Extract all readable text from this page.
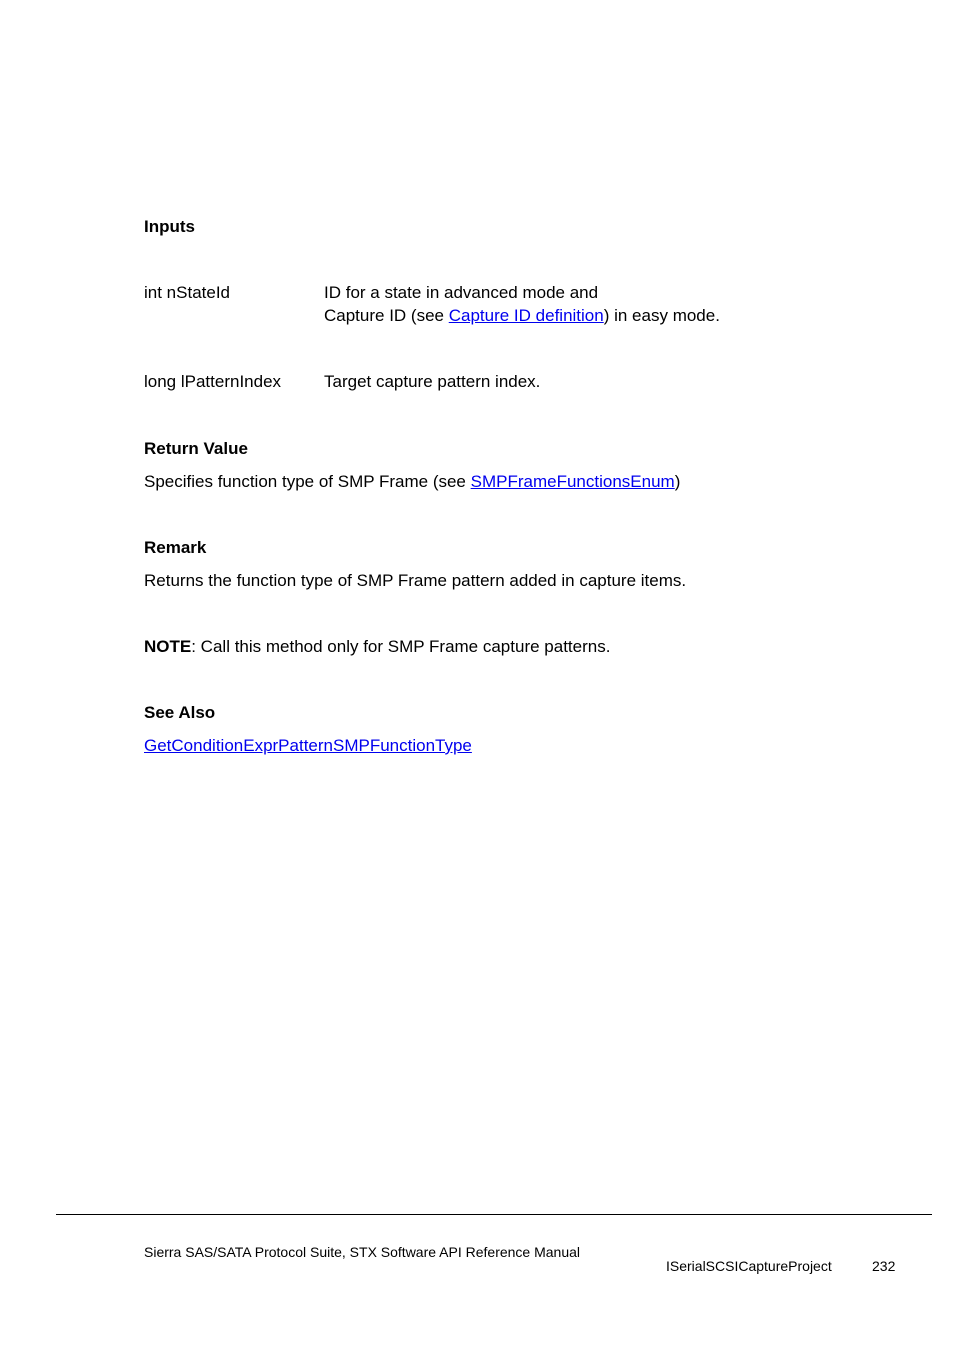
Inputs
int nStateId	ID for a state in advanced mode and
Capture ID (see Capture ID definition) in easy mode.
long lPatternIndex	Target capture pattern index.
Return Value
Specifies function type of SMP Frame (see SMPFrameFunctionsEnum)
Remark
Returns the function type of SMP Frame pattern added in capture items.
NOTE: Call this method only for SMP Frame capture patterns.
See Also
GetConditionExprPatternSMPFunctionType
Sierra SAS/SATA Protocol Suite, STX Software API Reference Manual
ISerialSCSICaptureProject	232
